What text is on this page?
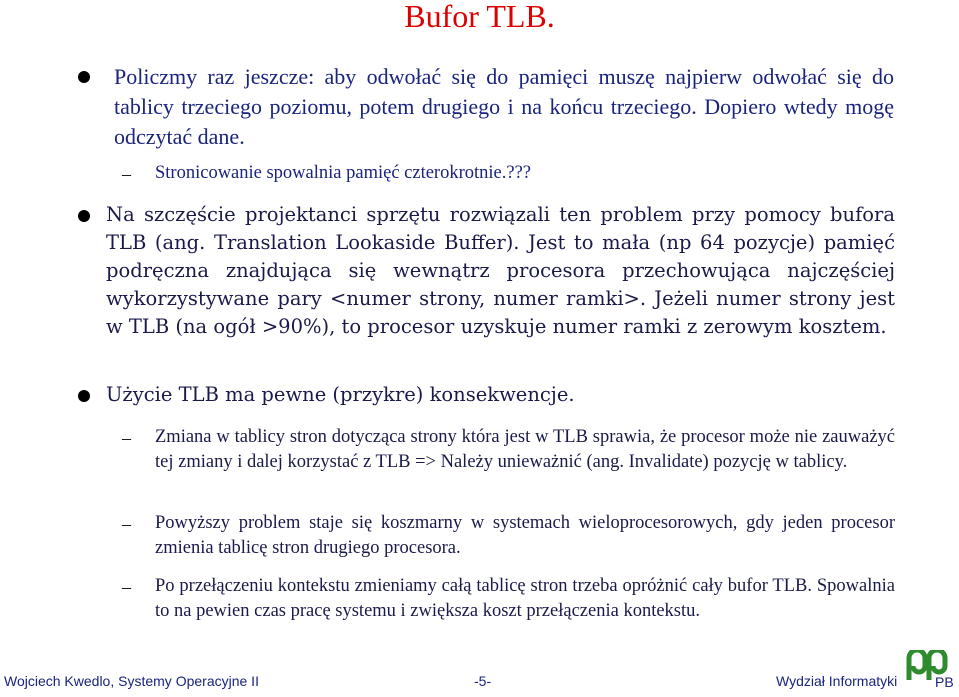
Bufor TLB.
Policzmy raz jeszcze: aby odwołać się do pamięci muszę najpierw odwołać się do tablicy trzeciego poziomu, potem drugiego i na końcu trzeciego. Dopiero wtedy mogę odczytać dane.
– Stronicowanie spowalnia pamięć czterokrotnie.???
Na szczęście projektanci sprzętu rozwiązali ten problem przy pomocy bufora TLB (ang. Translation Lookaside Buffer). Jest to mała (np 64 pozycje) pamięć podręczna znajdująca się wewnątrz procesora przechowująca najczęściej wykorzystywane pary <numer strony, numer ramki>. Jeżeli numer strony jest w TLB (na ogół >90%), to procesor uzyskuje numer ramki z zerowym kosztem.
Użycie TLB ma pewne (przykre) konsekwencje.
– Zmiana w tablicy stron dotycząca strony która jest w TLB sprawia, że procesor może nie zauważyć tej zmiany i dalej korzystać z TLB => Należy unieważnić (ang. Invalidate) pozycję w tablicy.
– Powyższy problem staje się koszmarny w systemach wieloprocesorowych, gdy jeden procesor zmienia tablicę stron drugiego procesora.
– Po przełączeniu kontekstu zmieniamy całą tablicę stron trzeba opróżnić cały bufor TLB. Spowalnia to na pewien czas pracę systemu i zwiększa koszt przełączenia kontekstu.
Wojciech Kwedlo, Systemy Operacyjne II	-5-	Wydział Informatyki	PB
